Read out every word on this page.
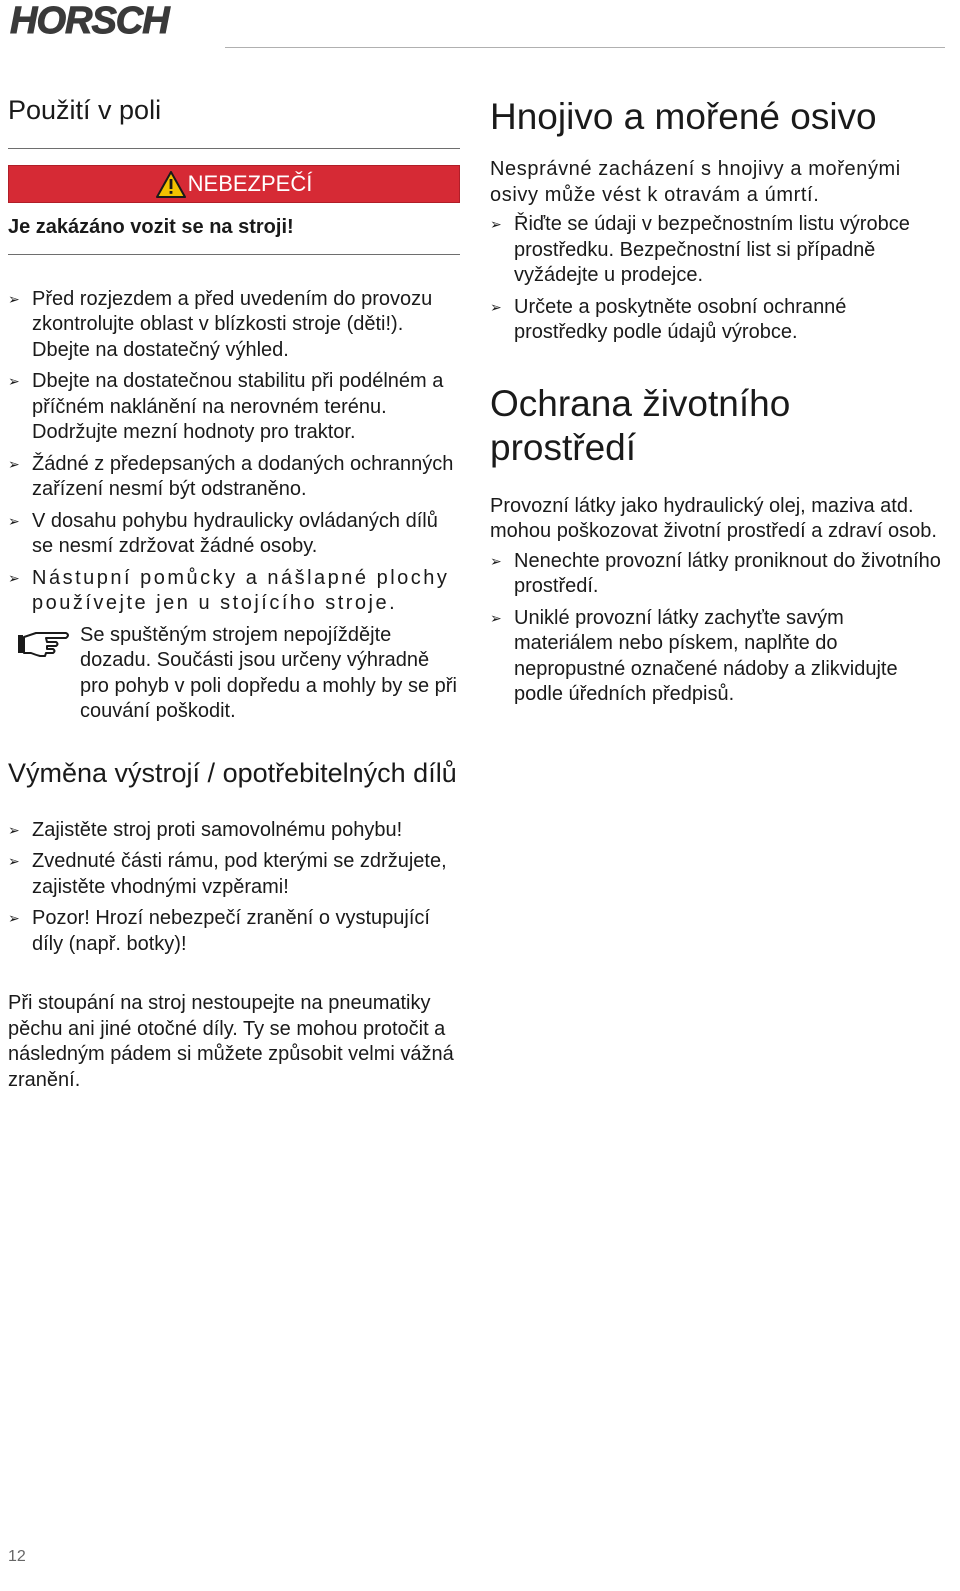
HORSCH
Použití v poli
NEBEZPEČÍ

Je zakázáno vozit se na stroji!

➢ Před rozjezdem a před uvedením do provozu zkontrolujte oblast v blízkosti stroje (děti!). Dbejte na dostatečný výhled.
➢ Dbejte na dostatečnou stabilitu při podélném a příčném naklánění na nerovném terénu. Dodržujte mezní hodnoty pro traktor.
➢ Žádné z předepsaných a dodaných ochranných zařízení nesmí být odstraněno.
➢ V dosahu pohybu hydraulicky ovládaných dílů se nesmí zdržovat žádné osoby.
➢ Nástupní pomůcky a nášlapné plochy používejte jen u stojícího stroje.

Se spuštěným strojem nepojíždějte dozadu. Součásti jsou určeny výhradně pro pohyb v poli dopředu a mohly by se při couvání poškodit.

Výměna výstrojí / opotřebitelných dílů
➢ Zajistěte stroj proti samovolnému pohybu!
➢ Zvednuté části rámu, pod kterými se zdržujete, zajistěte vhodnými vzpěrami!
➢ Pozor! Hrozí nebezpečí zranění o vystupující díly (např. botky)!

Při stoupání na stroj nestoupejte na pneumatiky pěchu ani jiné otočné díly. Ty se mohou protočit a následným pádem si můžete způsobit velmi vážná zranění.

Hnojivo a mořené osivo

Nesprávné zacházení s hnojivy a mořenými osivy může vést k otravám a úmrtí.

➢ Řiďte se údaji v bezpečnostním listu výrobce prostředku. Bezpečnostní list si případně vyžádejte u prodejce.
➢ Určete a poskytněte osobní ochranné prostředky podle údajů výrobce.
Ochrana životního prostředí

Provozní látky jako hydraulický olej, maziva atd. mohou poškozovat životní prostředí a zdraví osob.

➢ Nenechte provozní látky proniknout do životního prostředí.
➢ Uniklé provozní látky zachyťte savým materiálem nebo pískem, naplňte do nepropustné označené nádoby a zlikvidujte podle úředních předpisů.
12
